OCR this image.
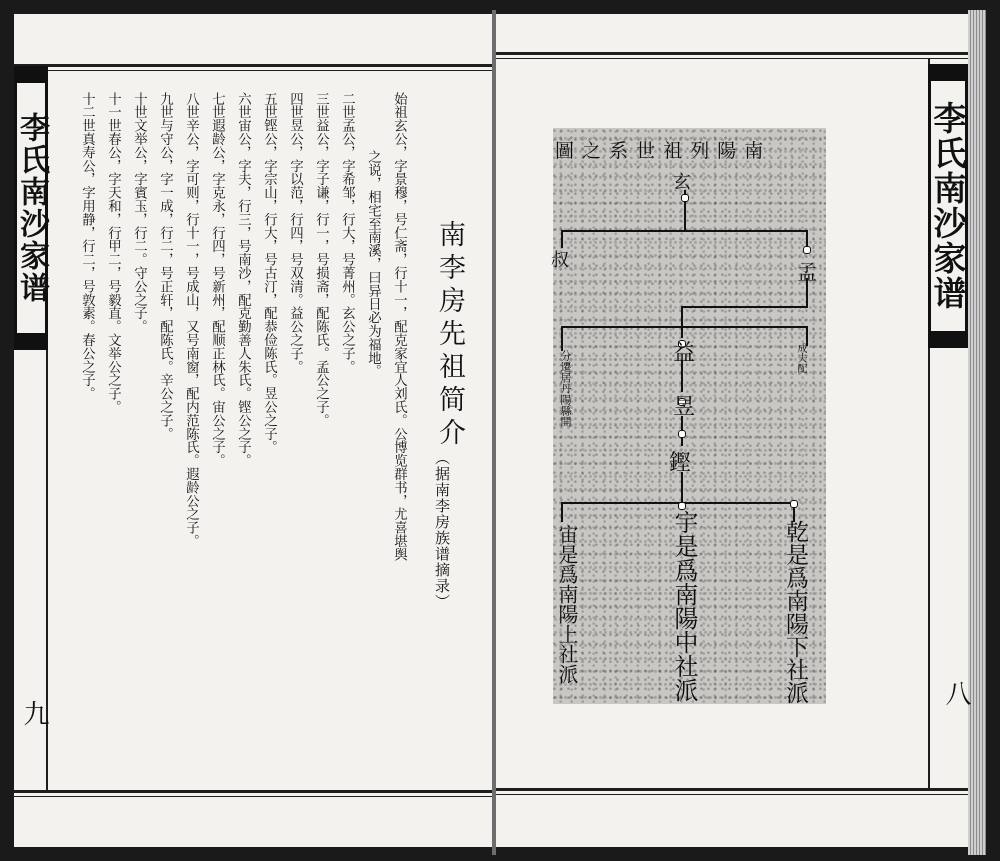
李氏南沙家谱
九
南李房先祖简介
（据南李房族谱摘录）
始祖玄公，字景穆，号仁斋，行十一，配克家宜人刘氏。公博览群书，尤喜堪舆
之说，相宅至南溪，曰异日必为福地。
二世孟公，字希邹，行大，号菁州。玄公之子。
三世益公，字子谦，行一，号损斋，配陈氏。孟公之子。
四世昱公，字以范，行四，号双清。益公之子。
五世铿公，字宗山，行大，号古汀，配恭俭陈氏。昱公之子。
六世宙公，字夫，行三，号南沙，配克勤善人朱氏。铿公之子。
七世遐龄公，字克永，行四，号新州，配顺正林氏。宙公之子。
八世辛公，字可则，行十一，号成山，又号南窗，配内范陈氏。遐龄公之子。
九世与守公，字一成，行二，号正轩，配陈氏。辛公之子。
十世文举公，字賓玉，行二。守公之子。
十一世春公，字天和，行甲二，号毅直。文举公之子。
十二世真寿公，字用静，行二，号敦素。春公之子。	李氏南沙家谱
八
南 陽 列 祖 世 系 之 圖
玄
叔	孟
成夫配
分遷居丹陽縣開	益
昱
鏗
宙是爲南陽上社派	宇是爲南陽中社派	乾是爲南陽下社派
